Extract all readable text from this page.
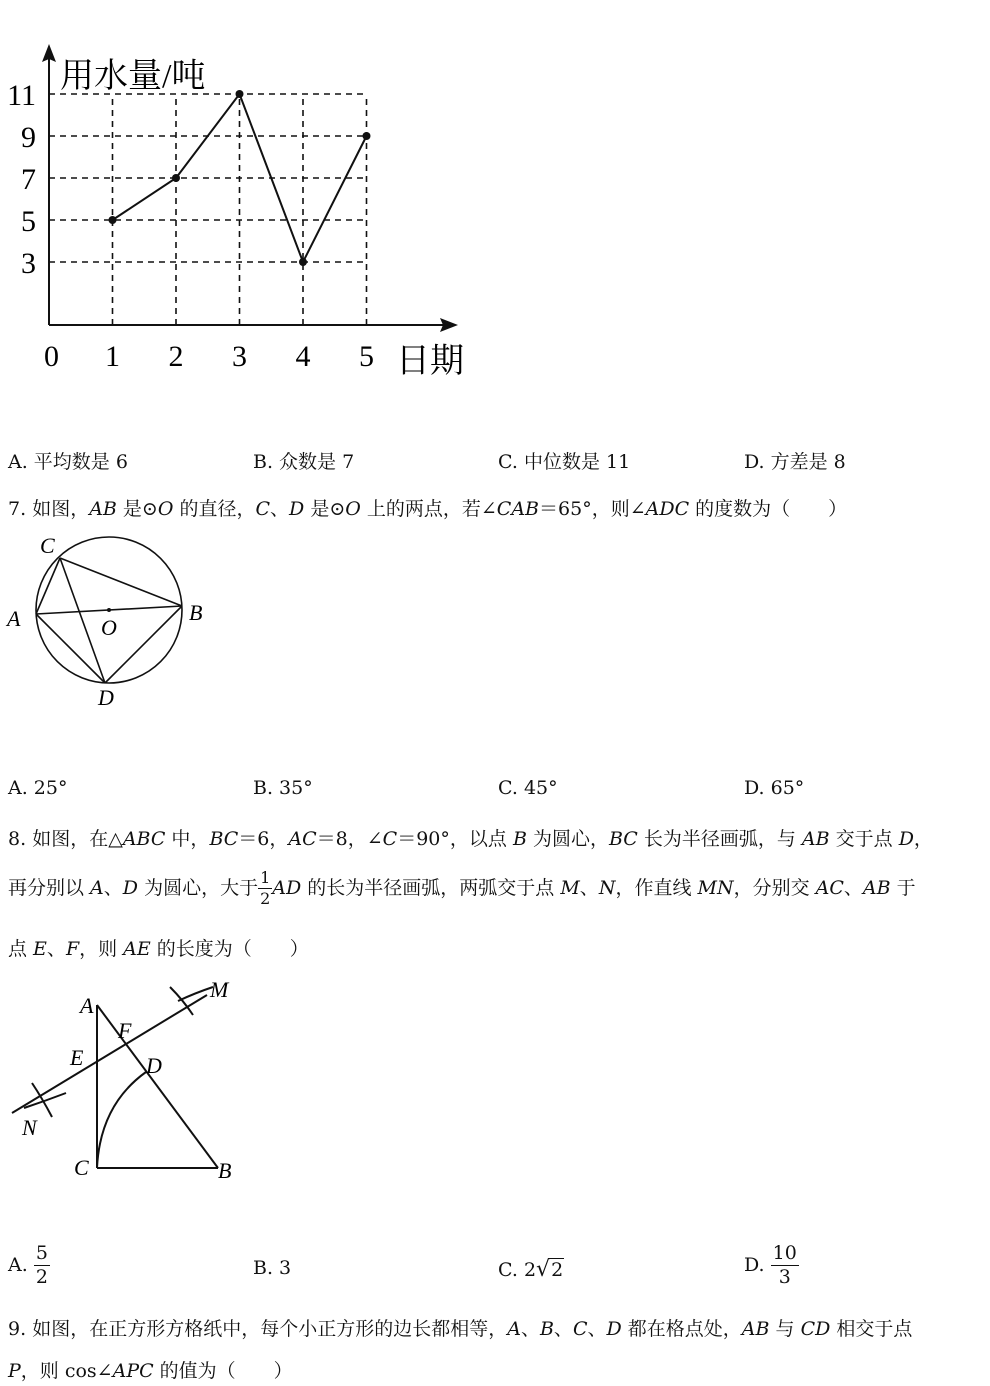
用水量/吨
日期
0
3
5
7
9
11
1 2 3 4 5
A. 平均数是 6	B. 众数是 7	C. 中位数是 11	D. 方差是 8
7. 如图，AB 是⊙O 的直径，C、D 是⊙O 上的两点，若∠CAB＝65°，则∠ADC 的度数为（　　）
C
A	O
B
D
A. 25°	B. 35°	C. 45°	D. 65°
8. 如图，在△ABC 中，BC＝6，AC＝8，∠C＝90°，以点 B 为圆心，BC 长为半径画弧，与 AB 交于点 D，
再分别以 A、D 为圆心，大于 $\frac{1}{2}$ AD 的长为半径画弧，两弧交于点 M、N，作直线 MN，分别交 AC、AB 于
点 E、F，则 AE 的长度为（　　）
A
F
M
E	D
N
C	B
A. $\frac{5}{2}$	B. 3	C. 2√2	D. $\frac{10}{3}$
9. 如图，在正方形方格纸中，每个小正方形的边长都相等，A、B、C、D 都在格点处，AB 与 CD 相交于点
P，则 cos∠APC 的值为（　　）
